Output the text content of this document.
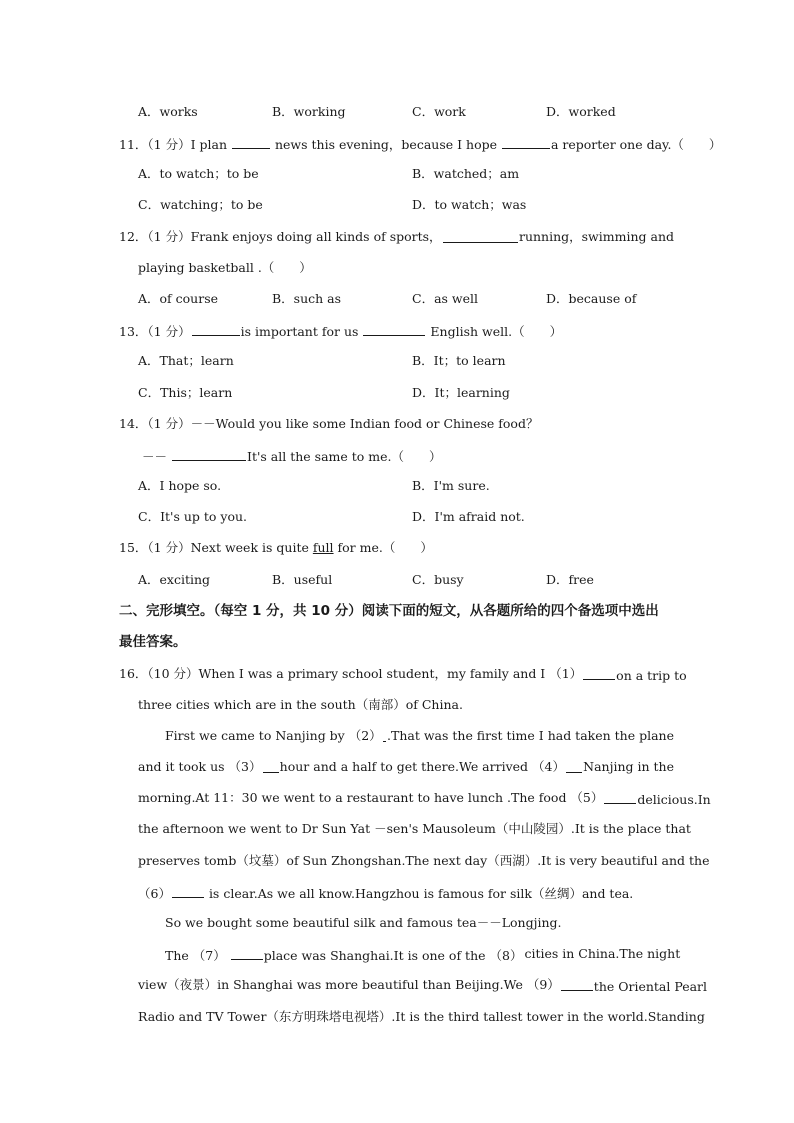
A．works	B．working	C．work	D．worked
11．（1 分）I plan	news this evening，because I hope	a reporter one day.（　　）
A．to watch；to be	B．watched；am
C．watching；to be	D．to watch；was
12．（1 分）Frank enjoys doing all kinds of sports，	running，swimming and
playing basketball .（　　）
A．of course	B．such as	C．as well	D．because of
13．（1 分）	is important for us	English well.（　　）
A．That；learn	B．It；to learn
C．This；learn	D．It；learning
14．（1 分）－－Would you like some Indian food or Chinese food？
－－	It's all the same to me.（　　）
A．I hope so.	B．I'm sure.
C．It's up to you.	D．I'm afraid not.
15．（1 分）Next week is quite full for me.（　　）
A．exciting	B．useful	C．busy	D．free
二、完形填空。（每空 1 分，共 10 分）阅读下面的短文，从各题所给的四个备选项中选出
最佳答案。
16．（10 分）When I was a primary school student，my family and I （1）	on a trip to
three cities which are in the south（南部）of China.
First we came to Nanjing by （2） .That was the first time I had taken the plane
and it took us （3） hour and a half to get there.We arrived （4） Nanjing in the
morning.At 11：30 we went to a restaurant to have lunch .The food （5）	delicious.In
the afternoon we went to Dr Sun Yat －sen's Mausoleum（中山陵园）.It is the place that
preserves tomb（坟墓）of Sun Zhongshan.The next day（西湖）.It is very beautiful and the
（6）	is clear.As we all know.Hangzhou is famous for silk（丝绸）and tea.
So we bought some beautiful silk and famous tea－－Longjing.
The （7）	place was Shanghai.It is one of the （8） cities in China.The night
view（夜景）in Shanghai was more beautiful than Beijing.We （9）	the Oriental Pearl
Radio and TV Tower（东方明珠塔电视塔）.It is the third tallest tower in the world.Standing
